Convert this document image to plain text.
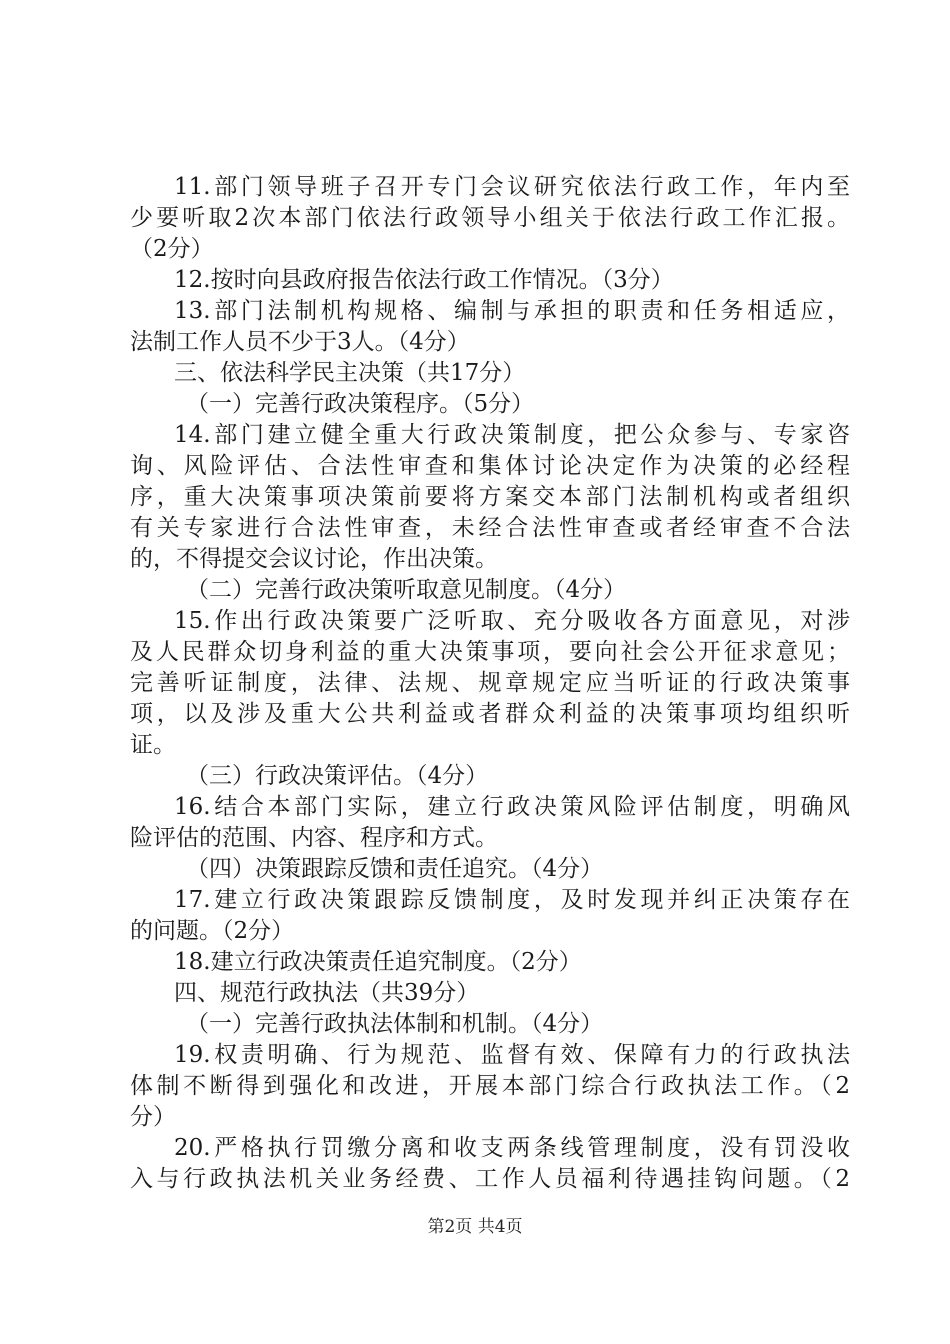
11.部门领导班子召开专门会议研究依法行政工作，年内至
少要听取2次本部门依法行政领导小组关于依法行政工作汇报。
（2分）
12.按时向县政府报告依法行政工作情况。（3分）
13.部门法制机构规格、编制与承担的职责和任务相适应，
法制工作人员不少于3人。（4分）
三、依法科学民主决策（共17分）
（一）完善行政决策程序。（5分）
14.部门建立健全重大行政决策制度，把公众参与、专家咨
询、风险评估、合法性审查和集体讨论决定作为决策的必经程
序，重大决策事项决策前要将方案交本部门法制机构或者组织
有关专家进行合法性审查，未经合法性审查或者经审查不合法
的，不得提交会议讨论，作出决策。
（二）完善行政决策听取意见制度。（4分）
15.作出行政决策要广泛听取、充分吸收各方面意见，对涉
及人民群众切身利益的重大决策事项，要向社会公开征求意见；
完善听证制度，法律、法规、规章规定应当听证的行政决策事
项，以及涉及重大公共利益或者群众利益的决策事项均组织听
证。
（三）行政决策评估。（4分）
16.结合本部门实际，建立行政决策风险评估制度，明确风
险评估的范围、内容、程序和方式。
（四）决策跟踪反馈和责任追究。（4分）
17.建立行政决策跟踪反馈制度，及时发现并纠正决策存在
的问题。（2分）
18.建立行政决策责任追究制度。（2分）
四、规范行政执法（共39分）
（一）完善行政执法体制和机制。（4分）
19.权责明确、行为规范、监督有效、保障有力的行政执法
体制不断得到强化和改进，开展本部门综合行政执法工作。（2
分）
20.严格执行罚缴分离和收支两条线管理制度，没有罚没收
入与行政执法机关业务经费、工作人员福利待遇挂钩问题。（2
第2页 共4页
